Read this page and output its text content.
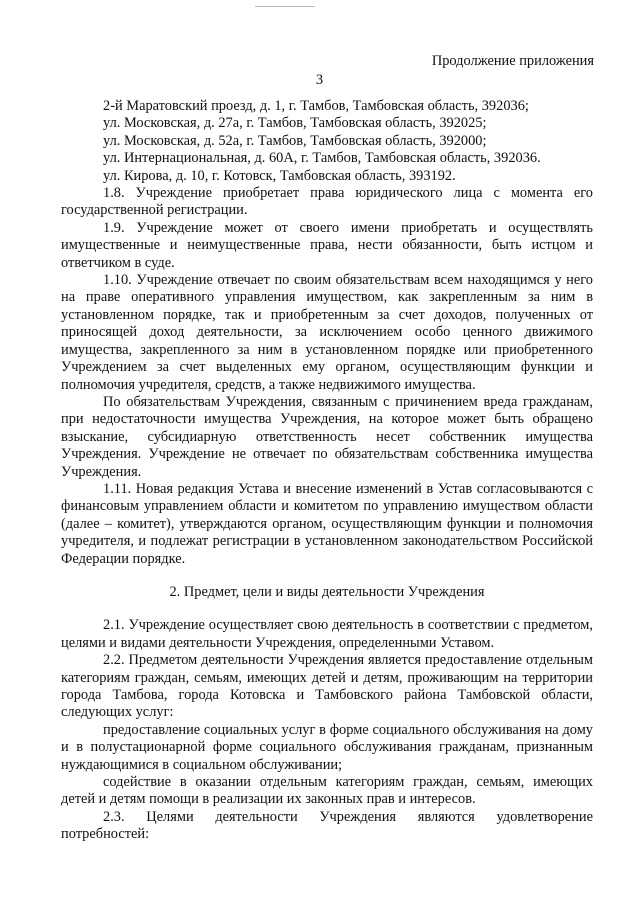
Продолжение приложения
3

2-й Маратовский проезд, д. 1, г. Тамбов, Тамбовская область, 392036;

ул. Московская, д. 27а, г. Тамбов, Тамбовская область, 392025;

ул. Московская, д. 52а, г. Тамбов, Тамбовская область, 392000;

ул. Интернациональная, д. 60А, г. Тамбов, Тамбовская область, 392036.

ул. Кирова, д. 10, г. Котовск, Тамбовская область, 393192.

1.8. Учреждение приобретает права юридического лица с момента его государственной регистрации.

1.9. Учреждение может от своего имени приобретать и осуществлять имущественные и неимущественные права, нести обязанности, быть истцом и ответчиком в суде.

1.10. Учреждение отвечает по своим обязательствам всем находящимся у него на праве оперативного управления имуществом, как закрепленным за ним в установленном порядке, так и приобретенным за счет доходов, полученных от приносящей доход деятельности, за исключением особо ценного движимого имущества, закрепленного за ним в установленном порядке или приобретенного Учреждением за счет выделенных ему органом, осуществляющим функции и полномочия учредителя, средств, а также недвижимого имущества.

По обязательствам Учреждения, связанным с причинением вреда гражданам, при недостаточности имущества Учреждения, на которое может быть обращено взыскание, субсидиарную ответственность несет собственник имущества Учреждения. Учреждение не отвечает по обязательствам собственника имущества Учреждения.

1.11. Новая редакция Устава и внесение изменений в Устав согласовываются с финансовым управлением области и комитетом по управлению имуществом области (далее – комитет), утверждаются органом, осуществляющим функции и полномочия учредителя, и подлежат регистрации в установленном законодательством Российской Федерации порядке.

2. Предмет, цели и виды деятельности Учреждения

2.1. Учреждение осуществляет свою деятельность в соответствии с предметом, целями и видами деятельности Учреждения, определенными Уставом.

2.2. Предметом деятельности Учреждения является предоставление отдельным категориям граждан, семьям, имеющих детей и детям, проживающим на территории города Тамбова, города Котовска и Тамбовского района Тамбовской области, следующих услуг:

предоставление социальных услуг в форме социального обслуживания на дому и в полустационарной форме социального обслуживания гражданам, признанным нуждающимися в социальном обслуживании;

содействие в оказании отдельным категориям граждан, семьям, имеющих детей и детям помощи в реализации их законных прав и интересов.

2.3. Целями деятельности Учреждения являются удовлетворение потребностей:
